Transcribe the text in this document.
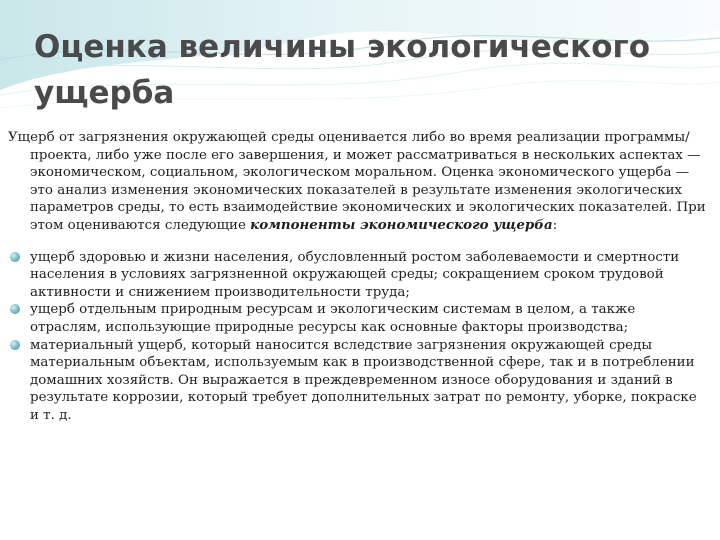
Оценка величины экологического ущерба

Ущерб от загрязнения окружающей среды оценивается либо во время реализации программы/проекта, либо уже после его завершения, и может рассматриваться в нескольких аспектах — экономическом, социальном, экологическом моральном. Оценка экономического ущерба — это анализ изменения экономических показателей в результате изменения экологических параметров среды, то есть взаимодействие экономических и экологических показателей. При этом оцениваются следующие компоненты экономического ущерба:

ущерб здоровью и жизни населения, обусловленный ростом заболеваемости и смертности населения в условиях загрязненной окружающей среды; сокращением сроком трудовой активности и снижением производительности труда;
ущерб отдельным природным ресурсам и экологическим системам в целом, а также отраслям, использующие природные ресурсы как основные факторы производства;
материальный ущерб, который наносится вследствие загрязнения окружающей среды материальным объектам, используемым как в производственной сфере, так и в потреблении домашних хозяйств. Он выражается в преждевременном износе оборудования и зданий в результате коррозии, который требует дополнительных затрат по ремонту, уборке, покраске и т. д.
